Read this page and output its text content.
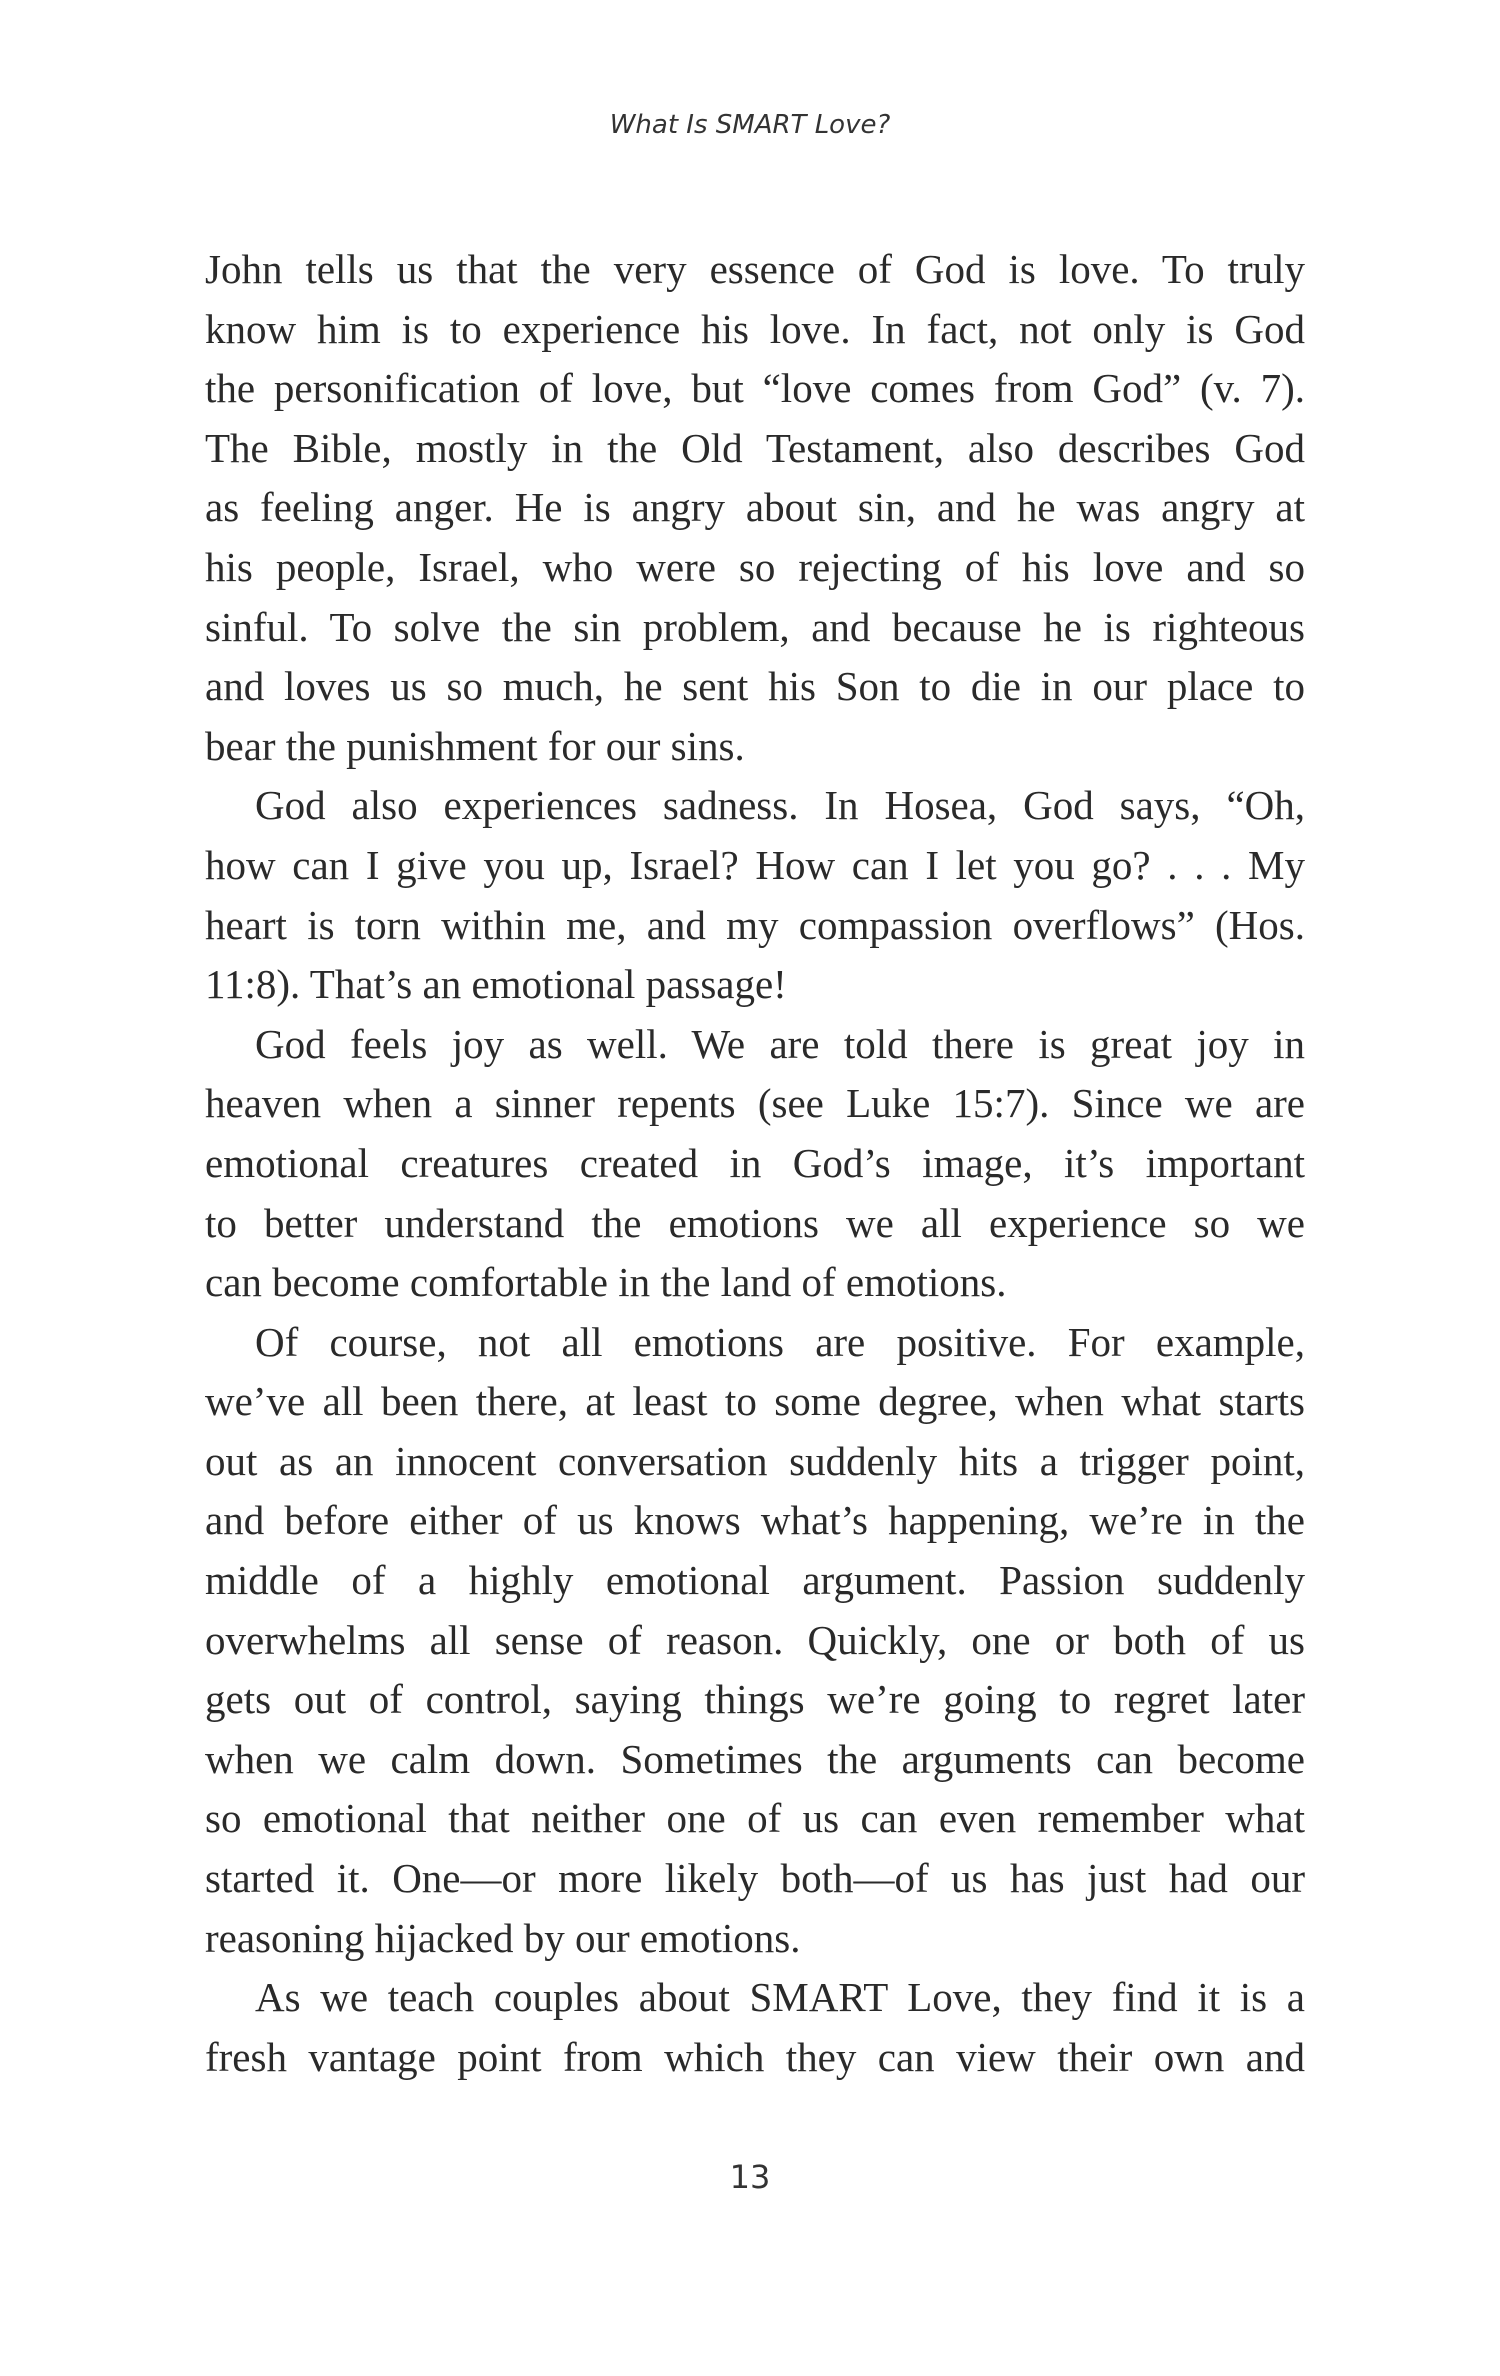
What Is SMART Love?
John tells us that the very essence of God is love. To truly
know him is to experience his love. In fact, not only is God
the personification of love, but “love comes from God” (v. 7).
The Bible, mostly in the Old Testament, also describes God
as feeling anger. He is angry about sin, and he was angry at
his people, Israel, who were so rejecting of his love and so
sinful. To solve the sin problem, and because he is righteous
and loves us so much, he sent his Son to die in our place to
bear the punishment for our sins.
God also experiences sadness. In Hosea, God says, “Oh,
how can I give you up, Israel? How can I let you go? . . . My
heart is torn within me, and my compassion overflows” (Hos.
11:8). That’s an emotional passage!
God feels joy as well. We are told there is great joy in
heaven when a sinner repents (see Luke 15:7). Since we are
emotional creatures created in God’s image, it’s important
to better understand the emotions we all experience so we
can become comfortable in the land of emotions.
Of course, not all emotions are positive. For example,
we’ve all been there, at least to some degree, when what starts
out as an innocent conversation suddenly hits a trigger point,
and before either of us knows what’s happening, we’re in the
middle of a highly emotional argument. Passion suddenly
overwhelms all sense of reason. Quickly, one or both of us
gets out of control, saying things we’re going to regret later
when we calm down. Sometimes the arguments can become
so emotional that neither one of us can even remember what
started it. One—or more likely both—of us has just had our
reasoning hijacked by our emotions.
As we teach couples about SMART Love, they find it is a
fresh vantage point from which they can view their own and
13
